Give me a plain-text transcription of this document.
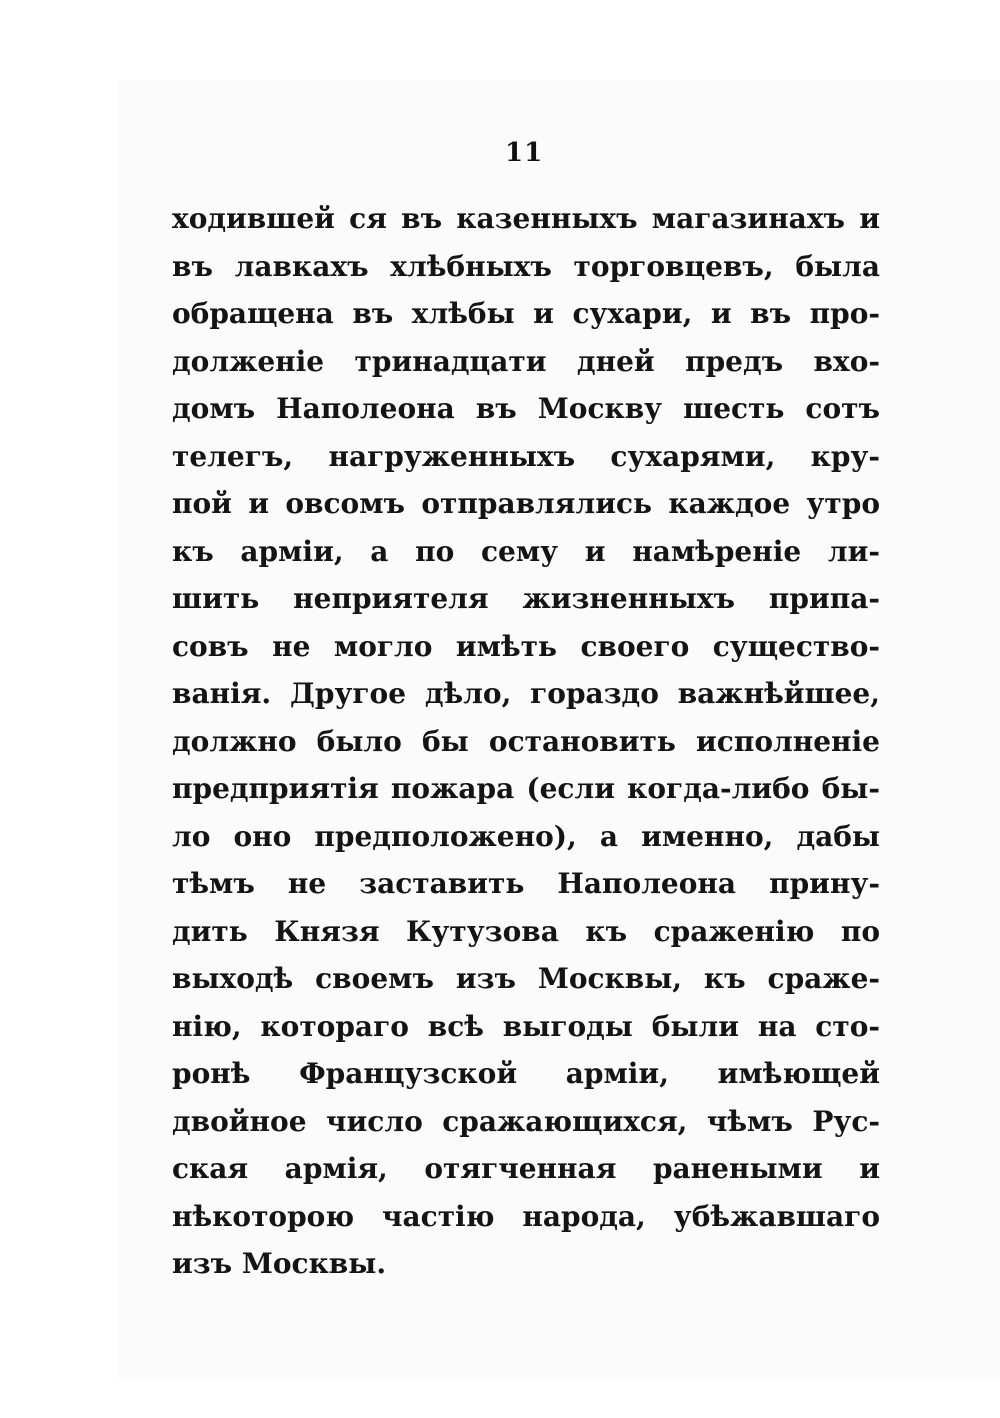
11
ходившей ся въ казенныхъ магазинахъ и
въ лавкахъ хлѣбныхъ торговцевъ, была
обращена въ хлѣбы и сухари, и въ про-
долженіе тринадцати дней предъ вхо-
домъ Наполеона въ Москву шесть сотъ
телегъ, нагруженныхъ сухарями, кру-
пой и овсомъ отправлялись каждое утро
къ арміи, а по сему и намѣреніе ли-
шить неприятеля жизненныхъ припа-
совъ не могло имѣть своего существо-
ванія. Другое дѣло, гораздо важнѣйшее,
должно было бы остановить исполненіе
предприятія пожара (если когда-либо бы-
ло оно предположено), а именно, дабы
тѣмъ не заставить Наполеона прину-
дить Князя Кутузова къ сраженію по
выходѣ своемъ изъ Москвы, къ сраже-
нію, котораго всѣ выгоды были на сто-
ронѣ Французской арміи, имѣющей
двойное число сражающихся, чѣмъ Рус-
ская армія, отягченная ранеными и
нѣкоторою частію народа, убѣжавшаго
изъ Москвы.
